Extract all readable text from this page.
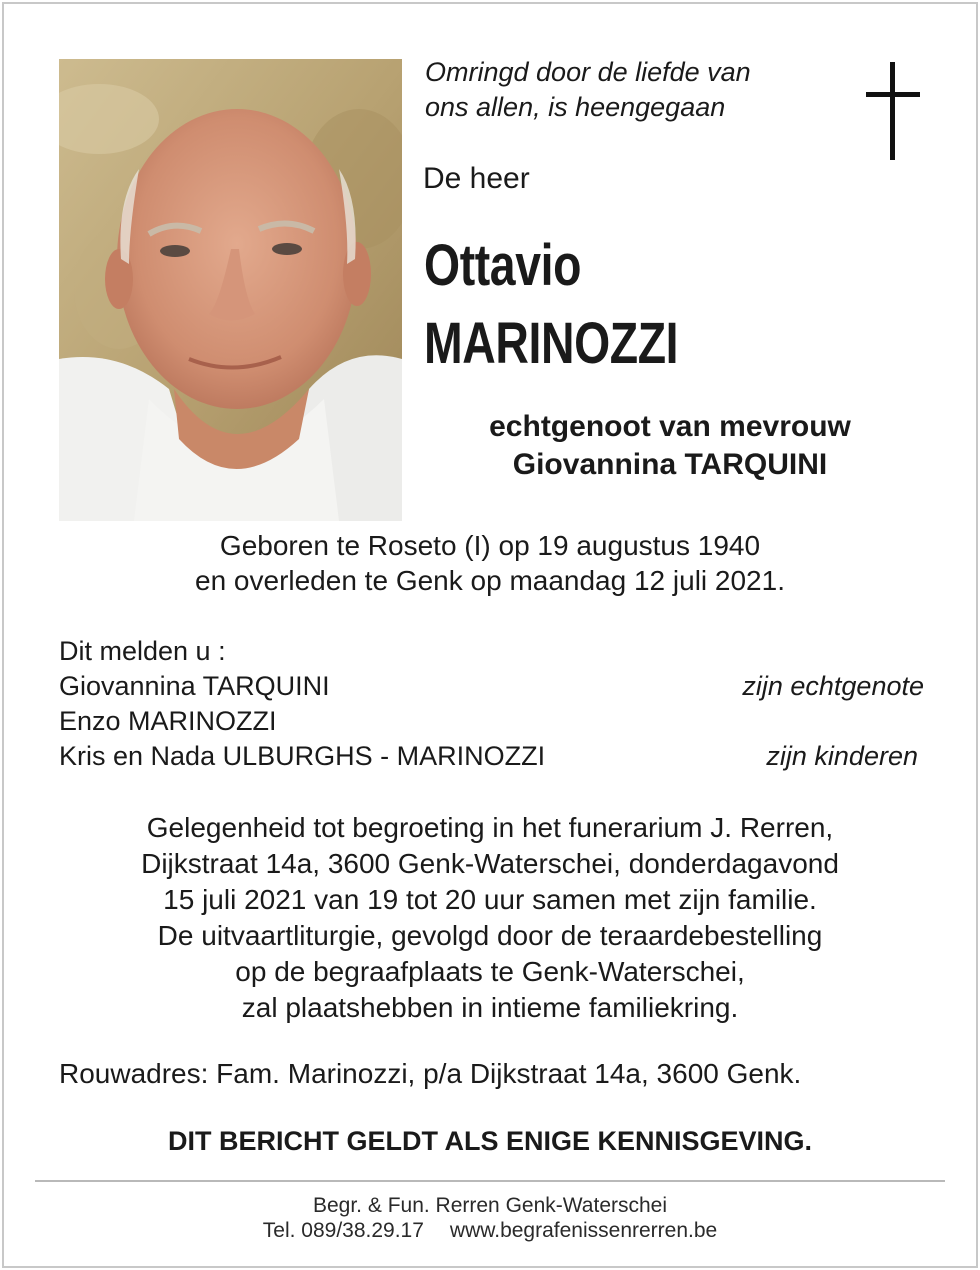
Omringd door de liefde van
ons allen, is heengegaan
De heer
Ottavio
MARINOZZI
echtgenoot van mevrouw
Giovannina TARQUINI
Geboren te Roseto (I) op 19 augustus 1940
en overleden te Genk op maandag 12 juli 2021.
Dit melden u :
Giovannina TARQUINI	zijn echtgenote
Enzo MARINOZZI
Kris en Nada ULBURGHS - MARINOZZI	zijn kinderen
Gelegenheid tot begroeting in het funerarium J. Rerren,
Dijkstraat 14a, 3600 Genk-Waterschei, donderdagavond
15 juli 2021 van 19 tot 20 uur samen met zijn familie.
De uitvaartliturgie, gevolgd door de teraardebestelling
op de begraafplaats te Genk-Waterschei,
zal plaatshebben in intieme familiekring.
Rouwadres: Fam. Marinozzi, p/a Dijkstraat 14a, 3600 Genk.
DIT BERICHT GELDT ALS ENIGE KENNISGEVING.
Begr. & Fun. Rerren Genk-Waterschei
Tel. 089/38.29.17 www.begrafenissenrerren.be
